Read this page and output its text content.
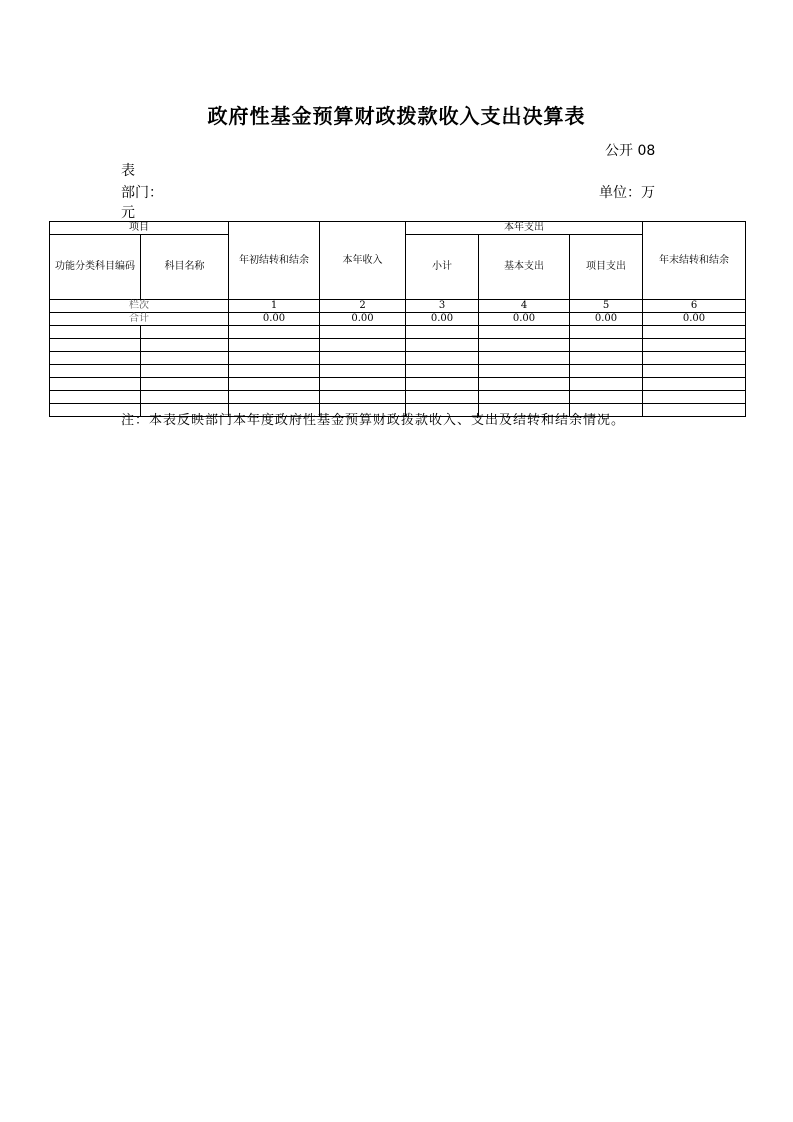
政府性基金预算财政拨款收入支出决算表
公开 08
表
部门：	单位：万
元
项目		年初结转和结余	本年收入	本年支出			年末结转和结余
功能分类科目编码	科目名称			小计	基本支出	项目支出	
栏次		1	2	3	4	5	6
合计		0.00	0.00	0.00	0.00	0.00	0.00

注：本表反映部门本年度政府性基金预算财政拨款收入、支出及结转和结余情况。
